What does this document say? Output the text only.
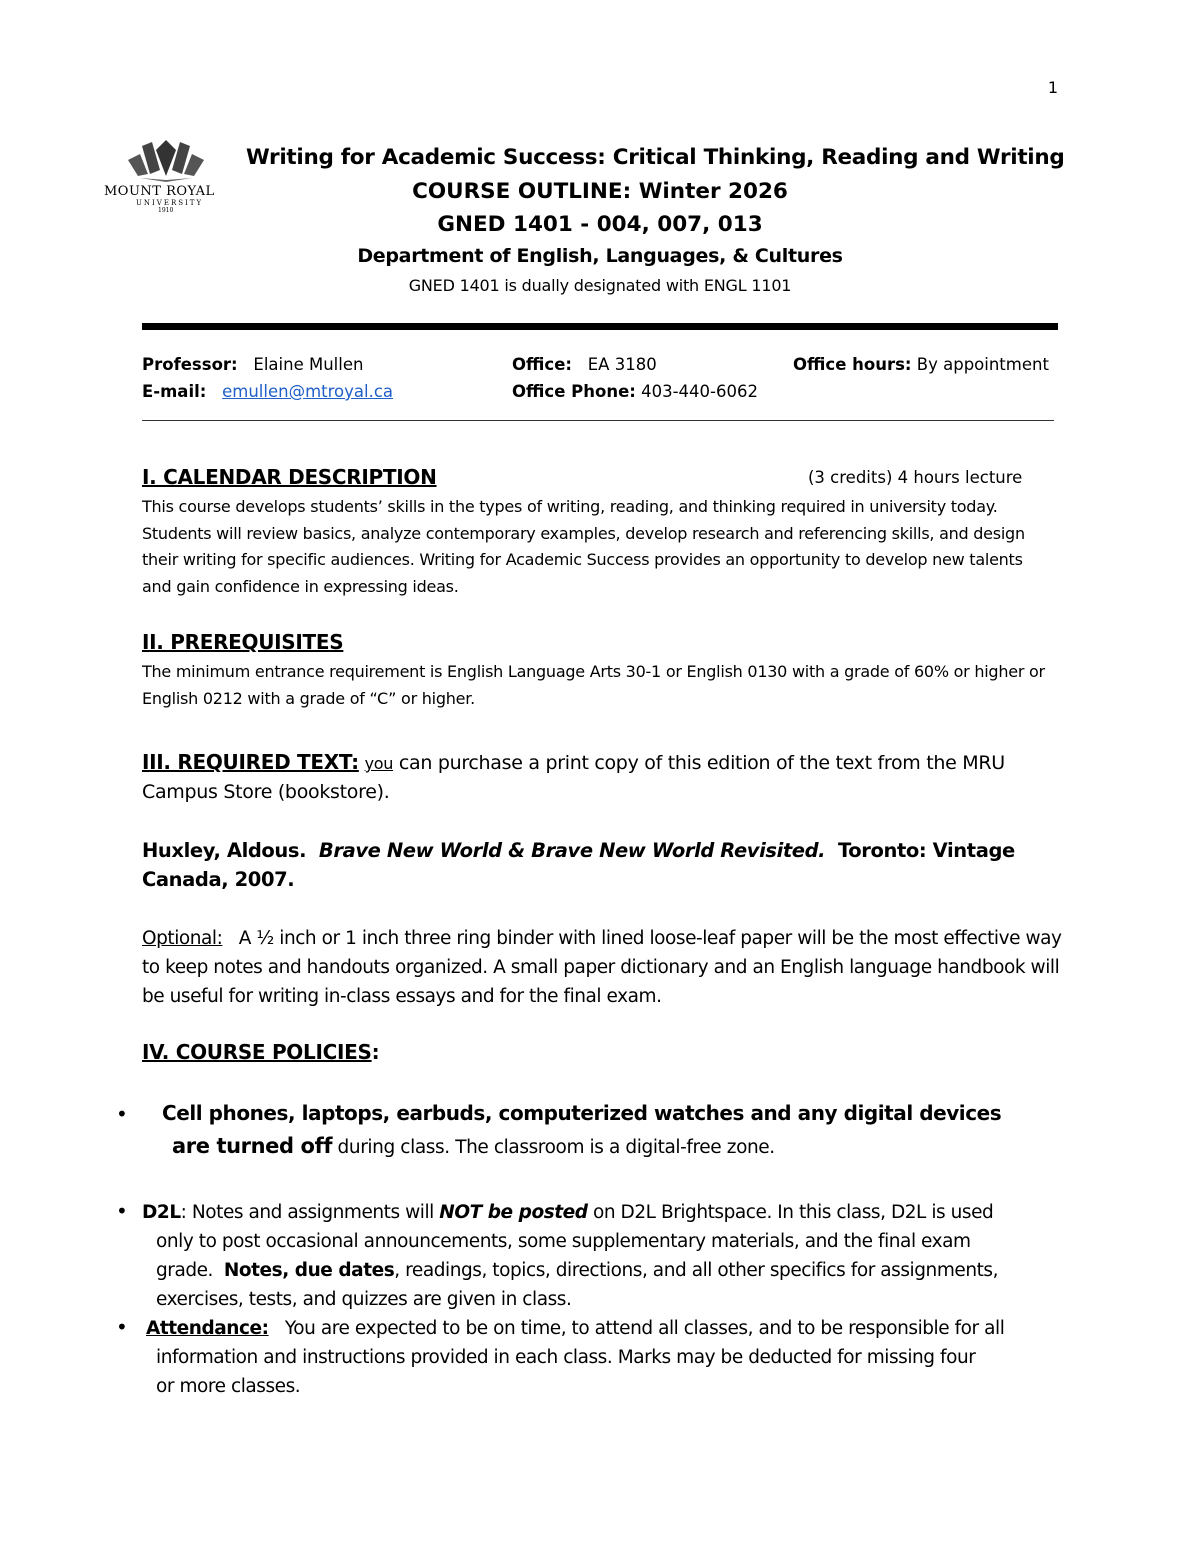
1
MOUNT ROYAL
UNIVERSITY
1910
Writing for Academic Success: Critical Thinking, Reading and Writing
COURSE OUTLINE: Winter 2026
GNED 1401 - 004, 007, 013
Department of English, Languages, & Cultures
GNED 1401 is dually designated with ENGL 1101
Professor: Elaine Mullen	Office: EA 3180	Office hours: By appointment
E-mail: emullen@mtroyal.ca	Office Phone: 403-440-6062
I. CALENDAR DESCRIPTION	(3 credits) 4 hours lecture
This course develops students’ skills in the types of writing, reading, and thinking required in university today. Students will review basics, analyze contemporary examples, develop research and referencing skills, and design their writing for specific audiences. Writing for Academic Success provides an opportunity to develop new talents and gain confidence in expressing ideas.
II. PREREQUISITES
The minimum entrance requirement is English Language Arts 30-1 or English 0130 with a grade of 60% or higher or English 0212 with a grade of “C” or higher.
III. REQUIRED TEXT: you can purchase a print copy of this edition of the text from the MRU
Campus Store (bookstore).
Huxley, Aldous. Brave New World & Brave New World Revisited. Toronto: Vintage Canada, 2007.
Optional: A ½ inch or 1 inch three ring binder with lined loose-leaf paper will be the most effective way to keep notes and handouts organized. A small paper dictionary and an English language handbook will be useful for writing in-class essays and for the final exam.
IV. COURSE POLICIES:
• Cell phones, laptops, earbuds, computerized watches and any digital devices
are turned off during class. The classroom is a digital-free zone.
• D2L: Notes and assignments will NOT be posted on D2L Brightspace. In this class, D2L is used
only to post occasional announcements, some supplementary materials, and the final exam
grade. Notes, due dates, readings, topics, directions, and all other specifics for assignments,
exercises, tests, and quizzes are given in class.
• Attendance: You are expected to be on time, to attend all classes, and to be responsible for all
information and instructions provided in each class. Marks may be deducted for missing four
or more classes.
